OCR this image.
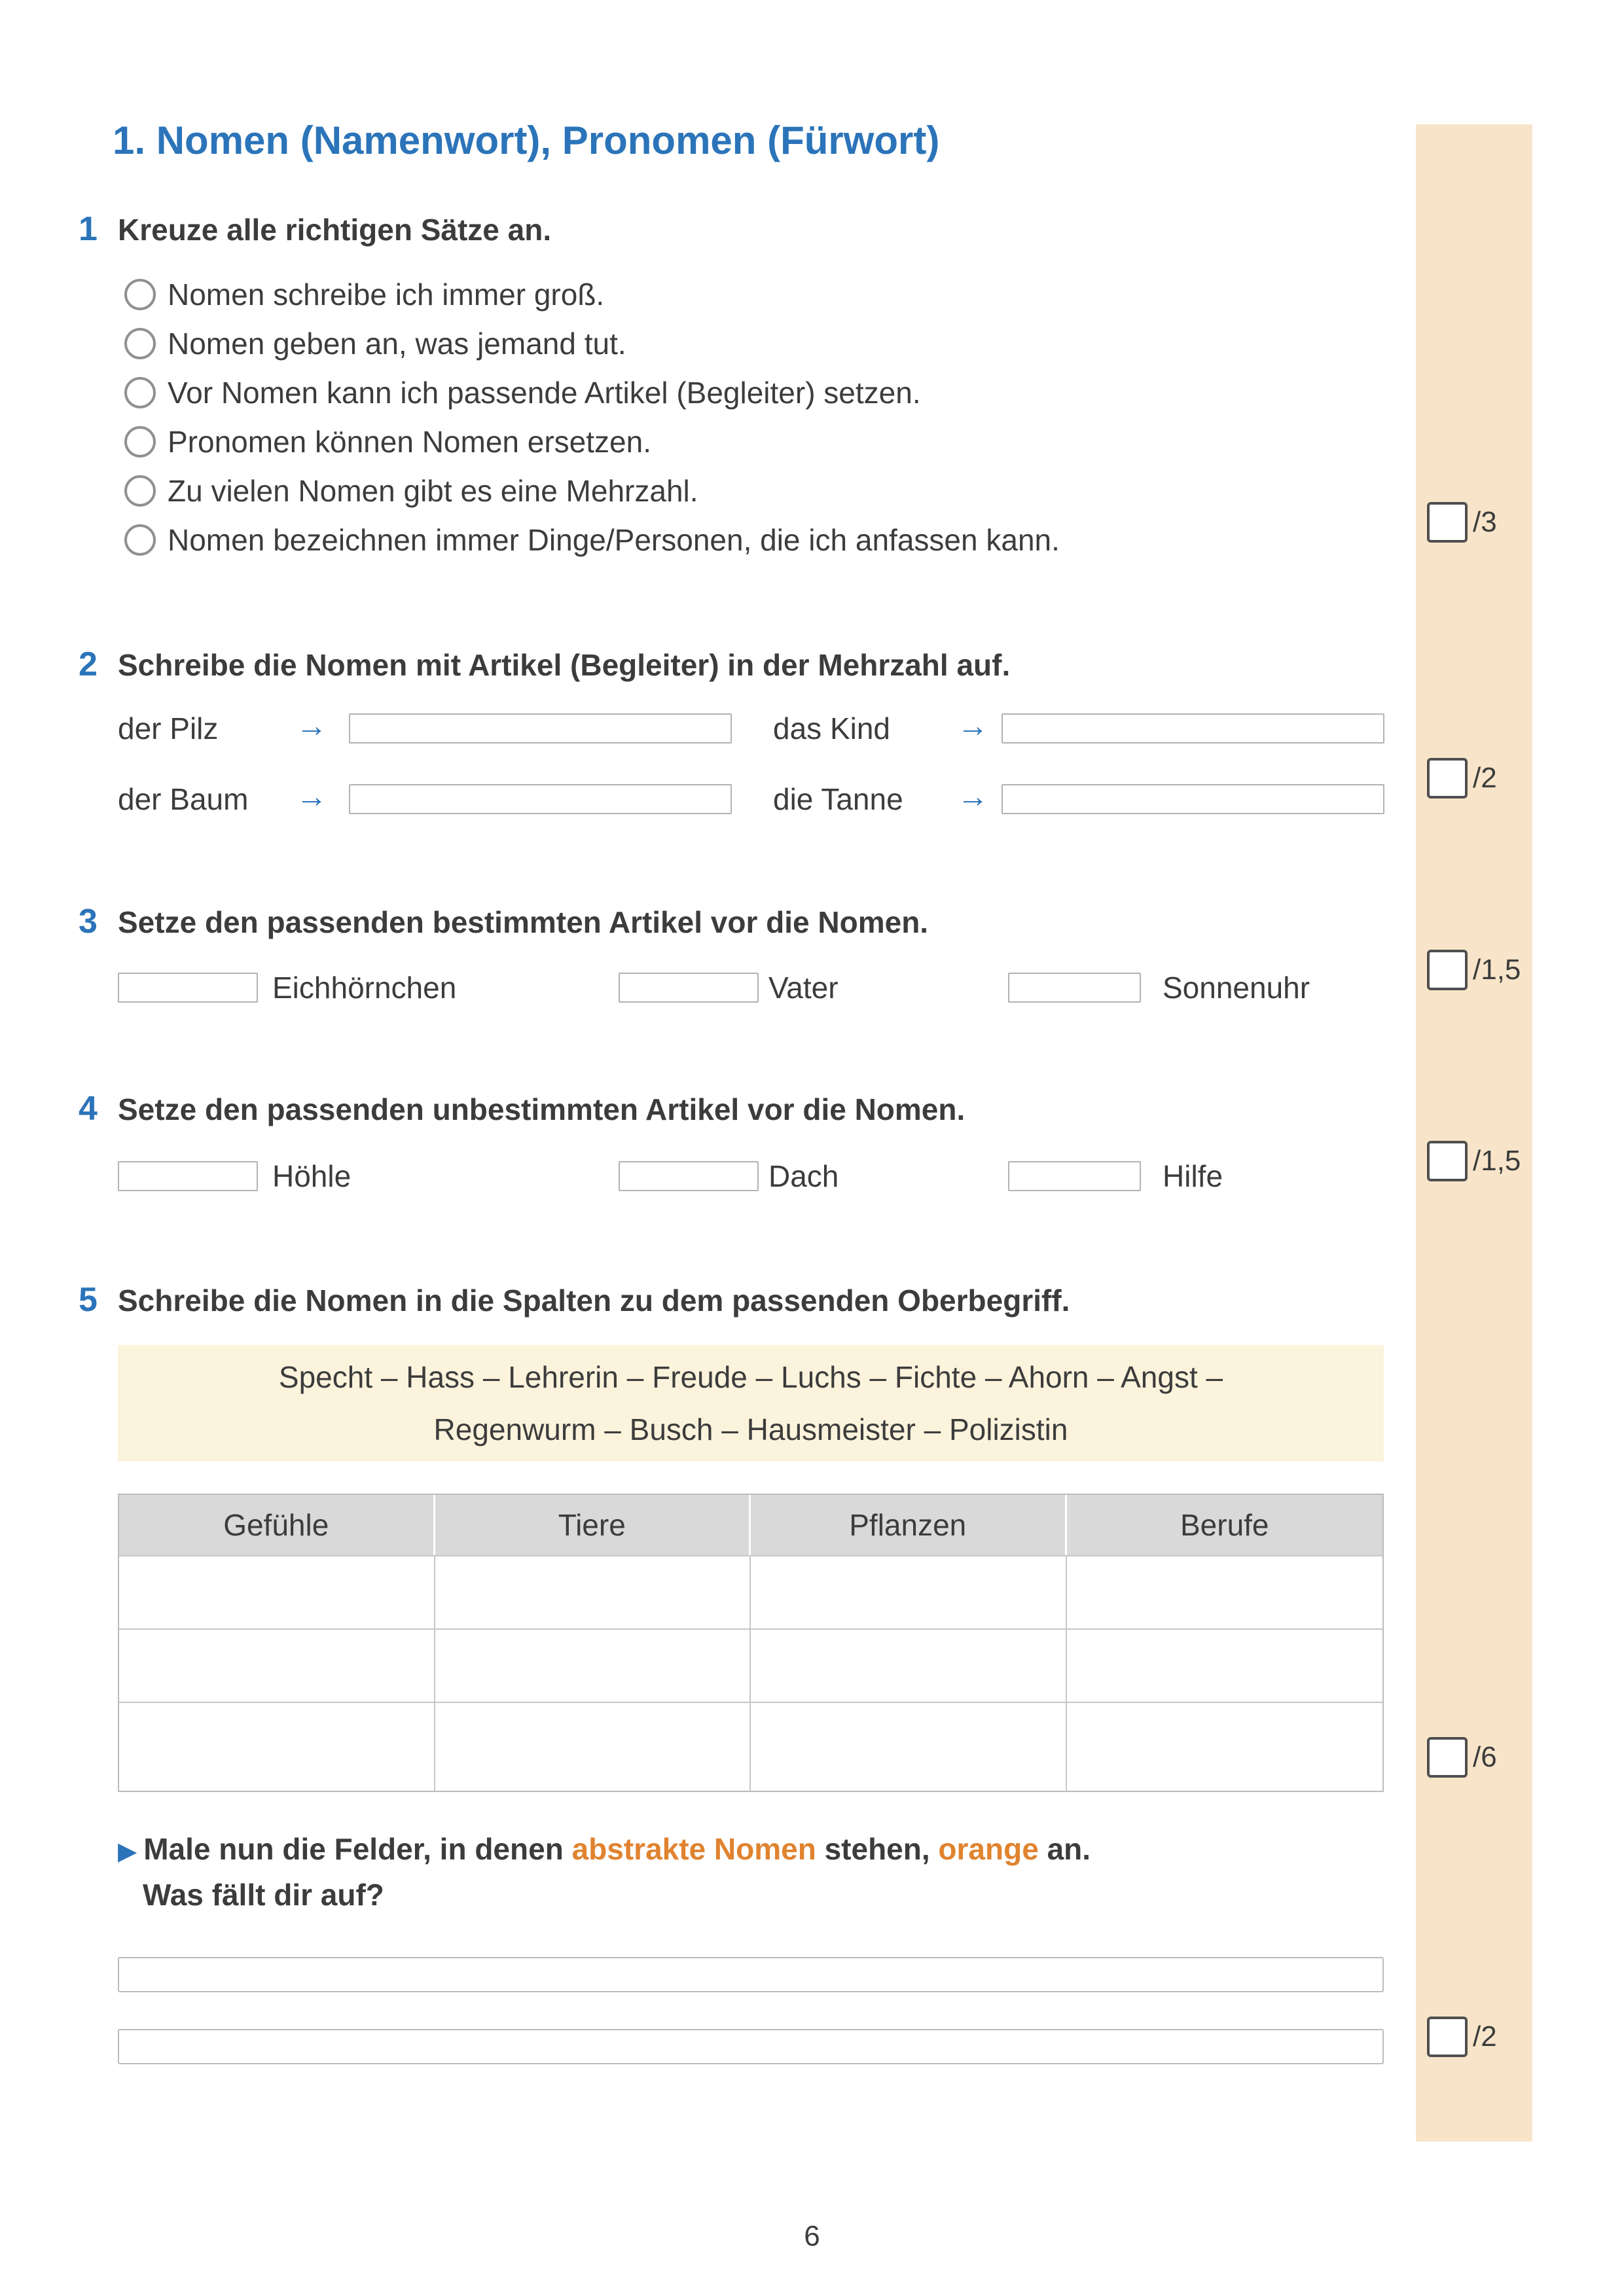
1. Nomen (Namenwort), Pronomen (Fürwort)
/3
/2
/1,5
/1,5
/6
/2
1 Kreuze alle richtigen Sätze an.
Nomen schreibe ich immer groß.
Nomen geben an, was jemand tut.
Vor Nomen kann ich passende Artikel (Begleiter) setzen.
Pronomen können Nomen ersetzen.
Zu vielen Nomen gibt es eine Mehrzahl.
Nomen bezeichnen immer Dinge/Personen, die ich anfassen kann.
2 Schreibe die Nomen mit Artikel (Begleiter) in der Mehrzahl auf.
der Pilz →	das Kind →
der Baum →	die Tanne →
3 Setze den passenden bestimmten Artikel vor die Nomen.
Eichhörnchen	Vater	Sonnenuhr
4 Setze den passenden unbestimmten Artikel vor die Nomen.
Höhle	Dach	Hilfe
5 Schreibe die Nomen in die Spalten zu dem passenden Oberbegriff.
Specht – Hass – Lehrerin – Freude – Luchs – Fichte – Ahorn – Angst –
Regenwurm – Busch – Hausmeister – Polizistin
Gefühle	Tiere	Pflanzen	Berufe
▶ Male nun die Felder, in denen abstrakte Nomen stehen, orange an.
Was fällt dir auf?
6
